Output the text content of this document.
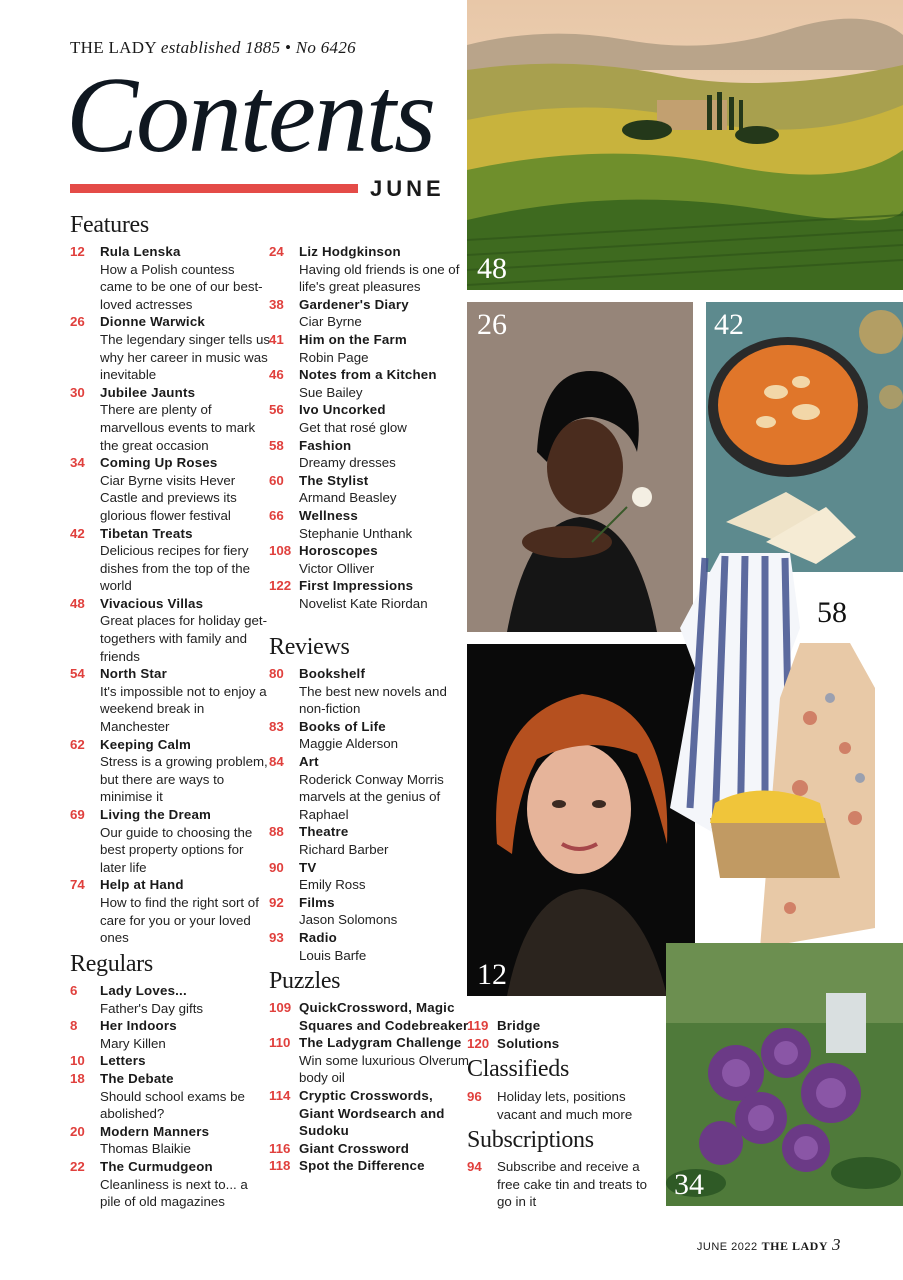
THE LADY established 1885 • No 6426
Contents
JUNE
Features
12	Rula Lenska
How a Polish countess came to be one of our best-loved actresses
26	Dionne Warwick
The legendary singer tells us why her career in music was inevitable
30	Jubilee Jaunts
There are plenty of marvellous events to mark the great occasion
34	Coming Up Roses
Ciar Byrne visits Hever Castle and previews its glorious flower festival
42	Tibetan Treats
Delicious recipes for fiery dishes from the top of the world
48	Vivacious Villas
Great places for holiday get-togethers with family and friends
54	North Star
It's impossible not to enjoy a weekend break in Manchester
62	Keeping Calm
Stress is a growing problem, but there are ways to minimise it
69	Living the Dream
Our guide to choosing the best property options for later life
74	Help at Hand
How to find the right sort of care for you or your loved ones
Regulars
6	Lady Loves...
Father's Day gifts
8	Her Indoors
Mary Killen
10	Letters
18	The Debate
Should school exams be abolished?
20	Modern Manners
Thomas Blaikie
22	The Curmudgeon
Cleanliness is next to... a pile of old magazines
24	Liz Hodgkinson
Having old friends is one of life's great pleasures
38	Gardener's Diary
Ciar Byrne
41	Him on the Farm
Robin Page
46	Notes from a Kitchen
Sue Bailey
56	Ivo Uncorked
Get that rosé glow
58	Fashion
Dreamy dresses
60	The Stylist
Armand Beasley
66	Wellness
Stephanie Unthank
108 Horoscopes
Victor Olliver
122 First Impressions
Novelist Kate Riordan
Reviews
80	Bookshelf
The best new novels and non-fiction
83	Books of Life
Maggie Alderson
84	Art
Roderick Conway Morris marvels at the genius of Raphael
88	Theatre
Richard Barber
90	TV
Emily Ross
92	Films
Jason Solomons
93	Radio
Louis Barfe
Puzzles
109 QuickCrossword, Magic Squares and Codebreaker
110 The Ladygram Challenge
Win some luxurious Olverum body oil
114 Cryptic Crosswords, Giant Wordsearch and Sudoku
116 Giant Crossword
118 Spot the Difference
119 Bridge
120 Solutions
Classifieds
96	Holiday lets, positions vacant and much more
Subscriptions
94	Subscribe and receive a free cake tin and treats to go in it
48
26	42
12
58
34
JUNE 2022 THE LADY 3
